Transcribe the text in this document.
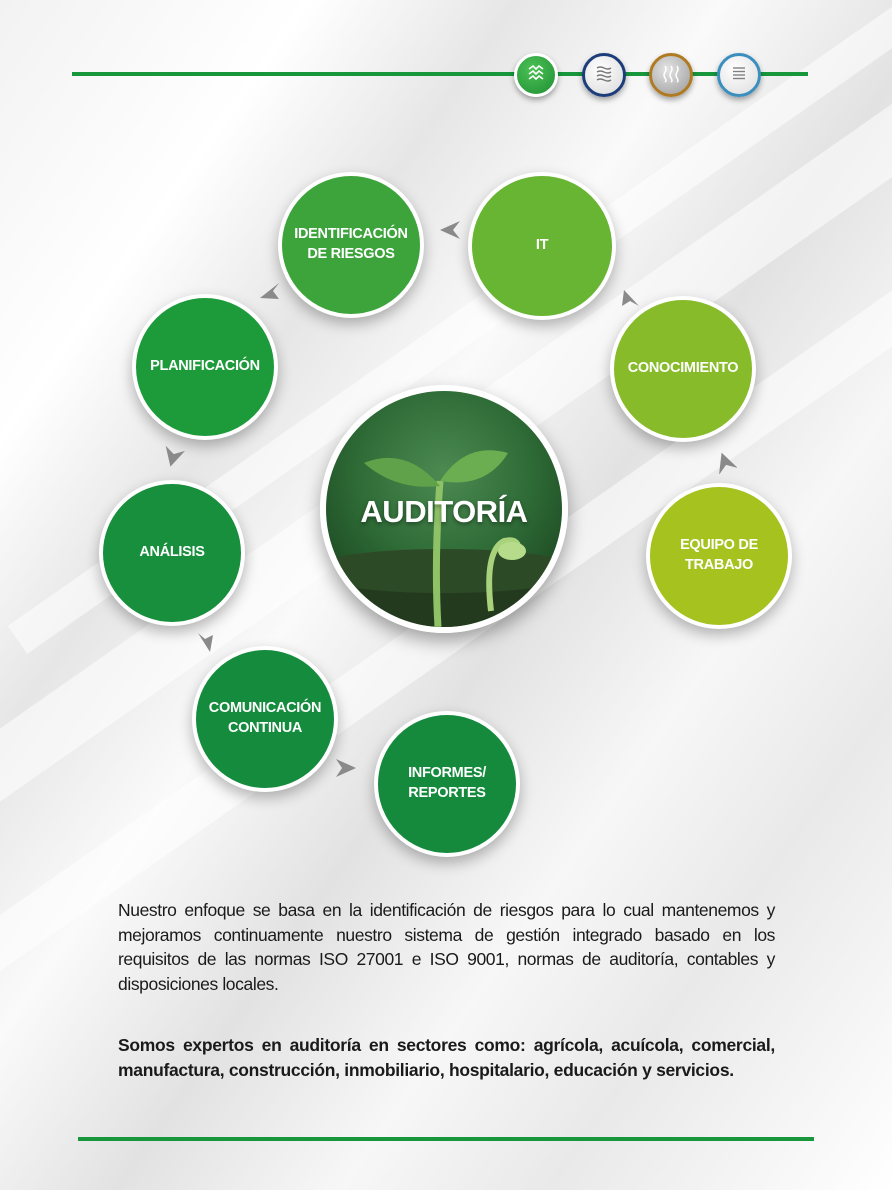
AUDITORÍA
IDENTIFICACIÓN
DE RIESGOS
IT
CONOCIMIENTO
EQUIPO DE
TRABAJO
PLANIFICACIÓN
ANÁLISIS
COMUNICACIÓN
CONTINUA
INFORMES/
REPORTES

Nuestro enfoque se basa en la identificación de riesgos para lo cual mantenemos y mejoramos continuamente nuestro sistema de gestión integrado basado en los requisitos de las normas ISO 27001 e ISO 9001, normas de auditoría, contables y disposiciones locales.

Somos expertos en auditoría en sectores como: agrícola, acuícola, comercial, manufactura, construcción, inmobiliario, hospitalario, educación y servicios.
